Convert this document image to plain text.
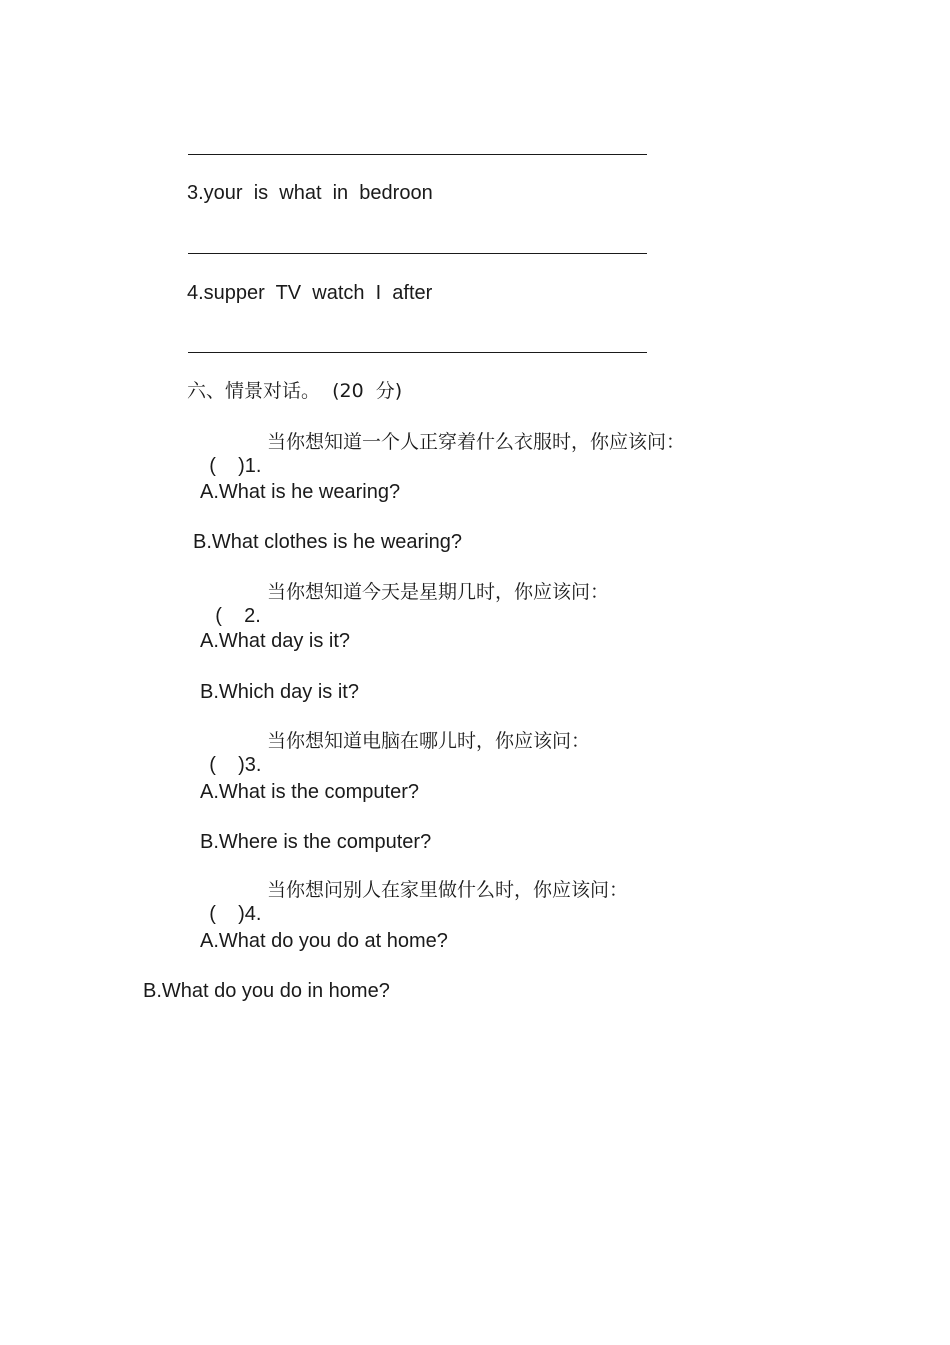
3.your  is  what  in  bedroon
4.supper  TV  watch  I  after
六、情景对话。  (20  分)

(    )1.

当你想知道一个人正穿着什么衣服时，你应该问：

A.What is he wearing?
B.What clothes is he wearing?

(    2.

当你想知道今天是星期几时，你应该问：

A.What day is it?
B.Which day is it?

(    )3.

当你想知道电脑在哪儿时，你应该问：

A.What is the computer?
B.Where is the computer?

(    )4.

当你想问别人在家里做什么时，你应该问：

A.What do you do at home?
B.What do you do in home?
